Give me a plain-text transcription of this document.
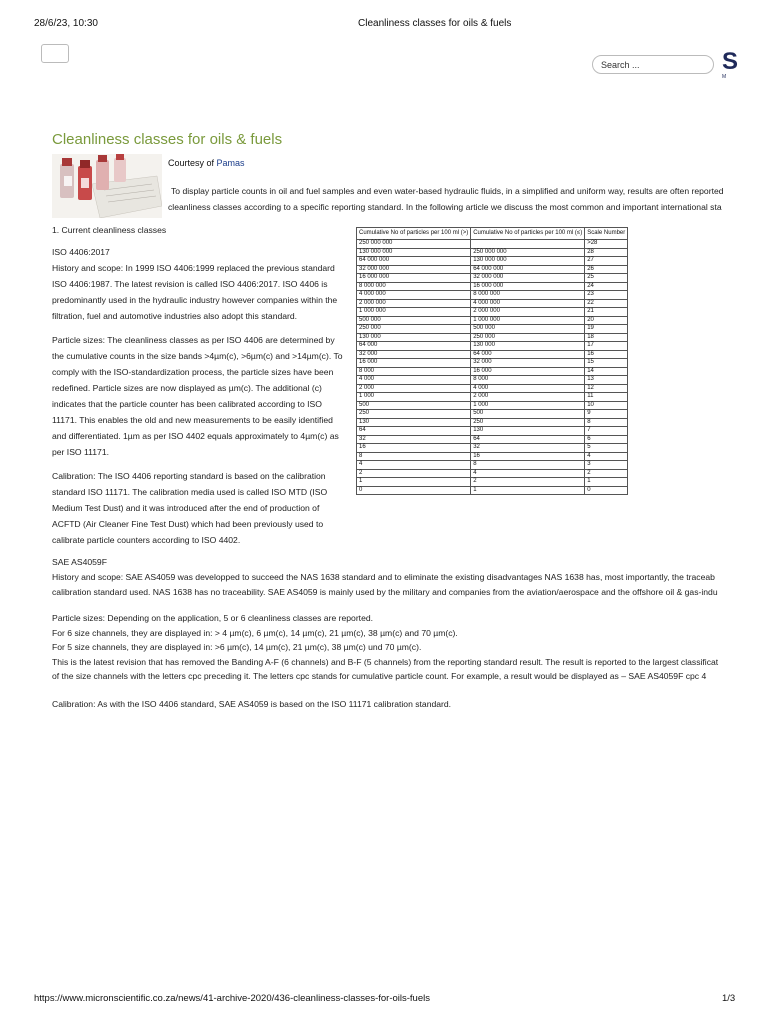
28/6/23, 10:30	Cleanliness classes for oils & fuels
Search ...	S
M
Cleanliness classes for oils & fuels
Courtesy of Pamas
To display particle counts in oil and fuel samples and even water-based hydraulic fluids, in a simplified and uniform way, results are often reported
cleanliness classes according to a specific reporting standard. In the following article we discuss the most common and important international sta

1. Current cleanliness classes

ISO 4406:2017

History and scope: In 1999 ISO 4406:1999 replaced the previous standard ISO 4406:1987. The latest revision is called ISO 4406:2017. ISO 4406 is predominantly used in the hydraulic industry however companies within the filtration, fuel and automotive industries also adopt this standard.

Particle sizes: The cleanliness classes as per ISO 4406 are determined by the cumulative counts in the size bands >4µm(c), >6µm(c) and >14µm(c). To comply with the ISO-standardization process, the particle sizes have been redefined. Particle sizes are now displayed as µm(c). The additional (c) indicates that the particle counter has been calibrated according to ISO 11171. This enables the old and new measurements to be easily identified and differentiated. 1µm as per ISO 4402 equals approximately to 4µm(c) as per ISO 11171.

Calibration: The ISO 4406 reporting standard is based on the calibration standard ISO 11171. The calibration media used is called ISO MTD (ISO Medium Test Dust) and it was introduced after the end of production of ACFTD (Air Cleaner Fine Test Dust) which had been previously used to calibrate particle counters according to ISO 4402.

Cumulative No of particles per 100 ml (>)	Cumulative No of particles per 100 ml (≤)	Scale Number
250 000 000		>28
130 000 000	250 000 000	28
64 000 000	130 000 000	27
32 000 000	64 000 000	26
16 000 000	32 000 000	25
8 000 000	16 000 000	24
4 000 000	8 000 000	23
2 000 000	4 000 000	22
1 000 000	2 000 000	21
500 000	1 000 000	20
250 000	500 000	19
130 000	250 000	18
64 000	130 000	17
32 000	64 000	16
16 000	32 000	15
8 000	16 000	14
4 000	8 000	13
2 000	4 000	12
1 000	2 000	11
500	1 000	10
250	500	9
130	250	8
64	130	7
32	64	6
16	32	5
8	16	4
4	8	3
2	4	2
1	2	1
0	1	0
SAE AS4059F

History and scope: SAE AS4059 was developped to succeed the NAS 1638 standard and to eliminate the existing disadvantages NAS 1638 has, most importantly, the traceab

calibration standard used. NAS 1638 has no traceability. SAE AS4059 is mainly used by the military and companies from the aviation/aerospace and the offshore oil & gas-indu

Particle sizes: Depending on the application, 5 or 6 cleanliness classes are reported.

For 6 size channels, they are displayed in: > 4 µm(c), 6 µm(c), 14 µm(c), 21 µm(c), 38 µm(c) and 70 µm(c).

For 5 size channels, they are displayed in: >6 µm(c), 14 µm(c), 21 µm(c), 38 µm(c) und 70 µm(c).

This is the latest revision that has removed the Banding A-F (6 channels) and B-F (5 channels) from the reporting standard result. The result is reported to the largest classificat

of the size channels with the letters cpc preceding it. The letters cpc stands for cumulative particle count. For example, a result would be displayed as – SAE AS4059F cpc 4

Calibration: As with the ISO 4406 standard, SAE AS4059 is based on the ISO 11171 calibration standard.
https://www.micronscientific.co.za/news/41-archive-2020/436-cleanliness-classes-for-oils-fuels	1/3
